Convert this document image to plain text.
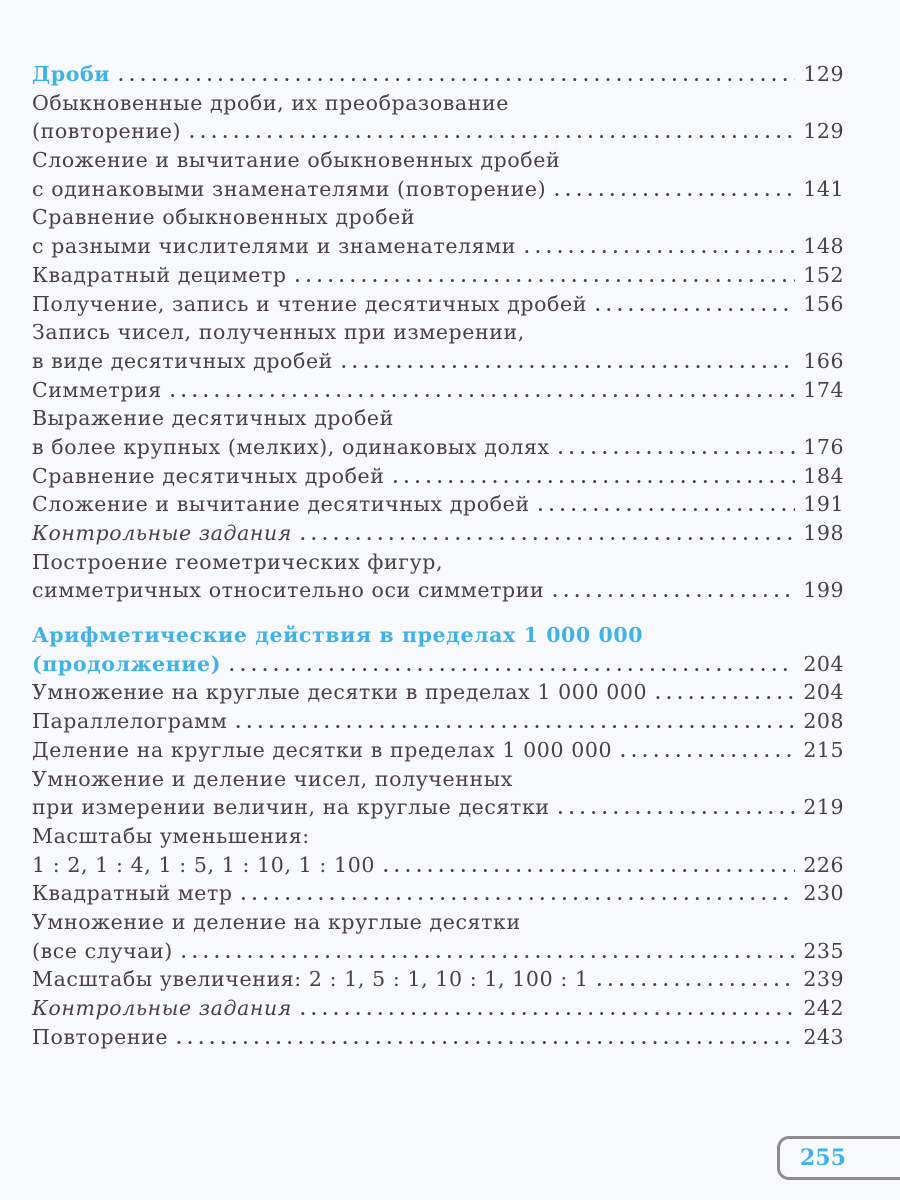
Дроби .....	129
Обыкновенные дроби, их преобразование
(повторение) .....	129
Сложение и вычитание обыкновенных дробей
с одинаковыми знаменателями (повторение) .....	141
Сравнение обыкновенных дробей
с разными числителями и знаменателями .....	148
Квадратный дециметр .....	152
Получение, запись и чтение десятичных дробей .....	156
Запись чисел, полученных при измерении,
в виде десятичных дробей .....	166
Симметрия .....	174
Выражение десятичных дробей
в более крупных (мелких), одинаковых долях .....	176
Сравнение десятичных дробей .....	184
Сложение и вычитание десятичных дробей .....	191
Контрольные задания .....	198
Построение геометрических фигур,
симметричных относительно оси симметрии .....	199
Арифметические действия в пределах 1 000 000
(продолжение) .....	204
Умножение на круглые десятки в пределах 1 000 000 .....	204
Параллелограмм .....	208
Деление на круглые десятки в пределах 1 000 000 .....	215
Умножение и деление чисел, полученных
при измерении величин, на круглые десятки .....	219
Масштабы уменьшения:
1 : 2, 1 : 4, 1 : 5, 1 : 10, 1 : 100 .....	226
Квадратный метр .....	230
Умножение и деление на круглые десятки
(все случаи) .....	235
Масштабы увеличения: 2 : 1, 5 : 1, 10 : 1, 100 : 1 .....	239
Контрольные задания .....	242
Повторение .....	243
255
